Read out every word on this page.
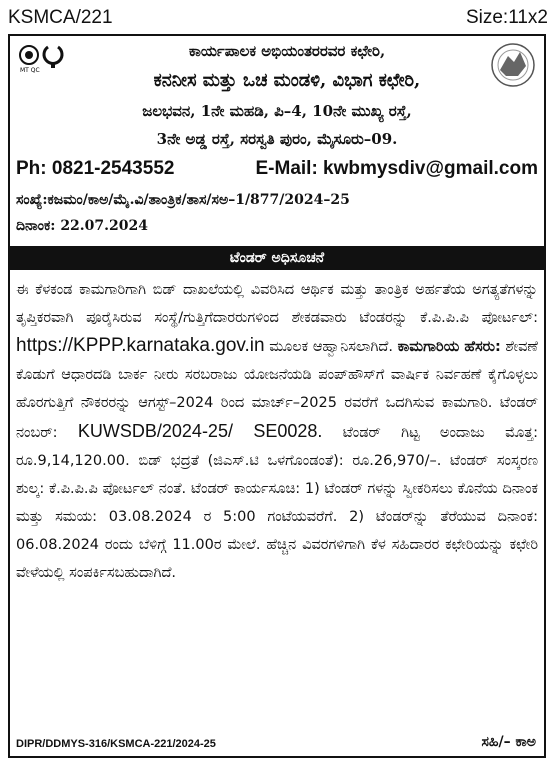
KSMCA/221	Size:11x2
MT QC
ಕಾರ್ಯಪಾಲಕ ಅಭಿಯಂತರರವರ ಕಛೇರಿ,
ಕನನೀಸ ಮತ್ತು ಒಚ ಮಂಡಳಿ, ವಿಭಾಗ ಕಛೇರಿ,
ಜಲಭವನ, 1ನೇ ಮಹಡಿ, ಪಿ–4, 10ನೇ ಮುಖ್ಯ ರಸ್ತೆ,
3ನೇ ಅಡ್ಡ ರಸ್ತೆ, ಸರಸ್ವತಿ ಪುರಂ, ಮೈಸೂರು–09.
Ph: 0821-2543552	E-Mail: kwbmysdiv@gmail.com
ಸಂಖ್ಯೆ:ಕಜಮಂ/ಕಾಅ/ಮೈ.ವಿ/ತಾಂತ್ರಿಕ/ತಾಸ/ಸಅ–1/877/2024–25
ದಿನಾಂಕ: 22.07.2024
ಟೆಂಡರ್ ಅಧಿಸೂಚನೆ
ಈ ಕೆಳಕಂಡ ಕಾಮಗಾರಿಗಾಗಿ ಬಿಡ್ ದಾಖಲೆಯಲ್ಲಿ ವಿವರಿಸಿದ ಆರ್ಥಿಕ ಮತ್ತು ತಾಂತ್ರಿಕ ಅರ್ಹತೆಯ ಅಗತ್ಯತೆಗಳನ್ನು ತೃಪ್ತಿಕರವಾಗಿ ಪೂರೈಸಿರುವ ಸಂಸ್ಥೆ/ಗುತ್ತಿಗೆದಾರರುಗಳಿಂದ ಶೇಕಡವಾರು ಟೆಂಡರನ್ನು ಕೆ.ಪಿ.ಪಿ.ಪಿ ಪೋರ್ಟಲ್: https://KPPP.karnataka.gov.in ಮೂಲಕ ಆಹ್ವಾನಿಸಲಾಗಿದೆ. ಕಾಮಗಾರಿಯ ಹೆಸರು: ಶೇವಣೆ ಕೊಡುಗೆ ಆಧಾರದಡಿ ಬಾರ್ಕ ನೀರು ಸರಬರಾಜು ಯೋಜನೆಯಡಿ ಪಂಪ್‌ಹೌಸ್‌ಗೆ ವಾರ್ಷಿಕ ನಿರ್ವಹಣೆ ಕೈಗೊಳ್ಳಲು ಹೊರಗುತ್ತಿಗೆ ನೌಕರರನ್ನು ಆಗಸ್ಟ್–2024 ರಿಂದ ಮಾರ್ಚ್–2025 ರವರೆಗೆ ಒದಗಿಸುವ ಕಾಮಗಾರಿ. ಟೆಂಡರ್ ನಂಬರ್: KUWSDB/2024-25/ SE0028. ಟೆಂಡರ್ ಗಿಟ್ಟ ಅಂದಾಜು ಮೊತ್ತ: ರೂ.9,14,120.00. ಬಿಡ್ ಭದ್ರತೆ (ಜಿಎಸ್.ಟಿ ಒಳಗೊಂಡಂತೆ): ರೂ.26,970/–. ಟೆಂಡರ್ ಸಂಸ್ಕರಣ ಶುಲ್ಕ: ಕೆ.ಪಿ.ಪಿ.ಪಿ ಪೋರ್ಟಲ್ ನಂತೆ. ಟೆಂಡರ್ ಕಾರ್ಯಸೂಚಿ: 1) ಟೆಂಡರ್ ಗಳನ್ನು ಸ್ವೀಕರಿಸಲು ಕೊನೆಯ ದಿನಾಂಕ ಮತ್ತು ಸಮಯ: 03.08.2024 ರ 5:00 ಗಂಟೆಯವರೆಗೆ. 2) ಟೆಂಡರ್‌ನ್ನು ತೆರೆಯುವ ದಿನಾಂಕ: 06.08.2024 ರಂದು ಬೆಳಿಗ್ಗೆ 11.00ರ ಮೇಲೆ. ಹೆಚ್ಚಿನ ವಿವರಗಳಿಗಾಗಿ ಕೆಳ ಸಹಿದಾರರ ಕಛೇರಿಯನ್ನು ಕಛೇರಿ ವೇಳೆಯಲ್ಲಿ ಸಂಪರ್ಕಿಸಬಹುದಾಗಿದೆ.
DIPR/DDMYS-316/KSMCA-221/2024-25	ಸಹಿ/– ಕಾಅ
